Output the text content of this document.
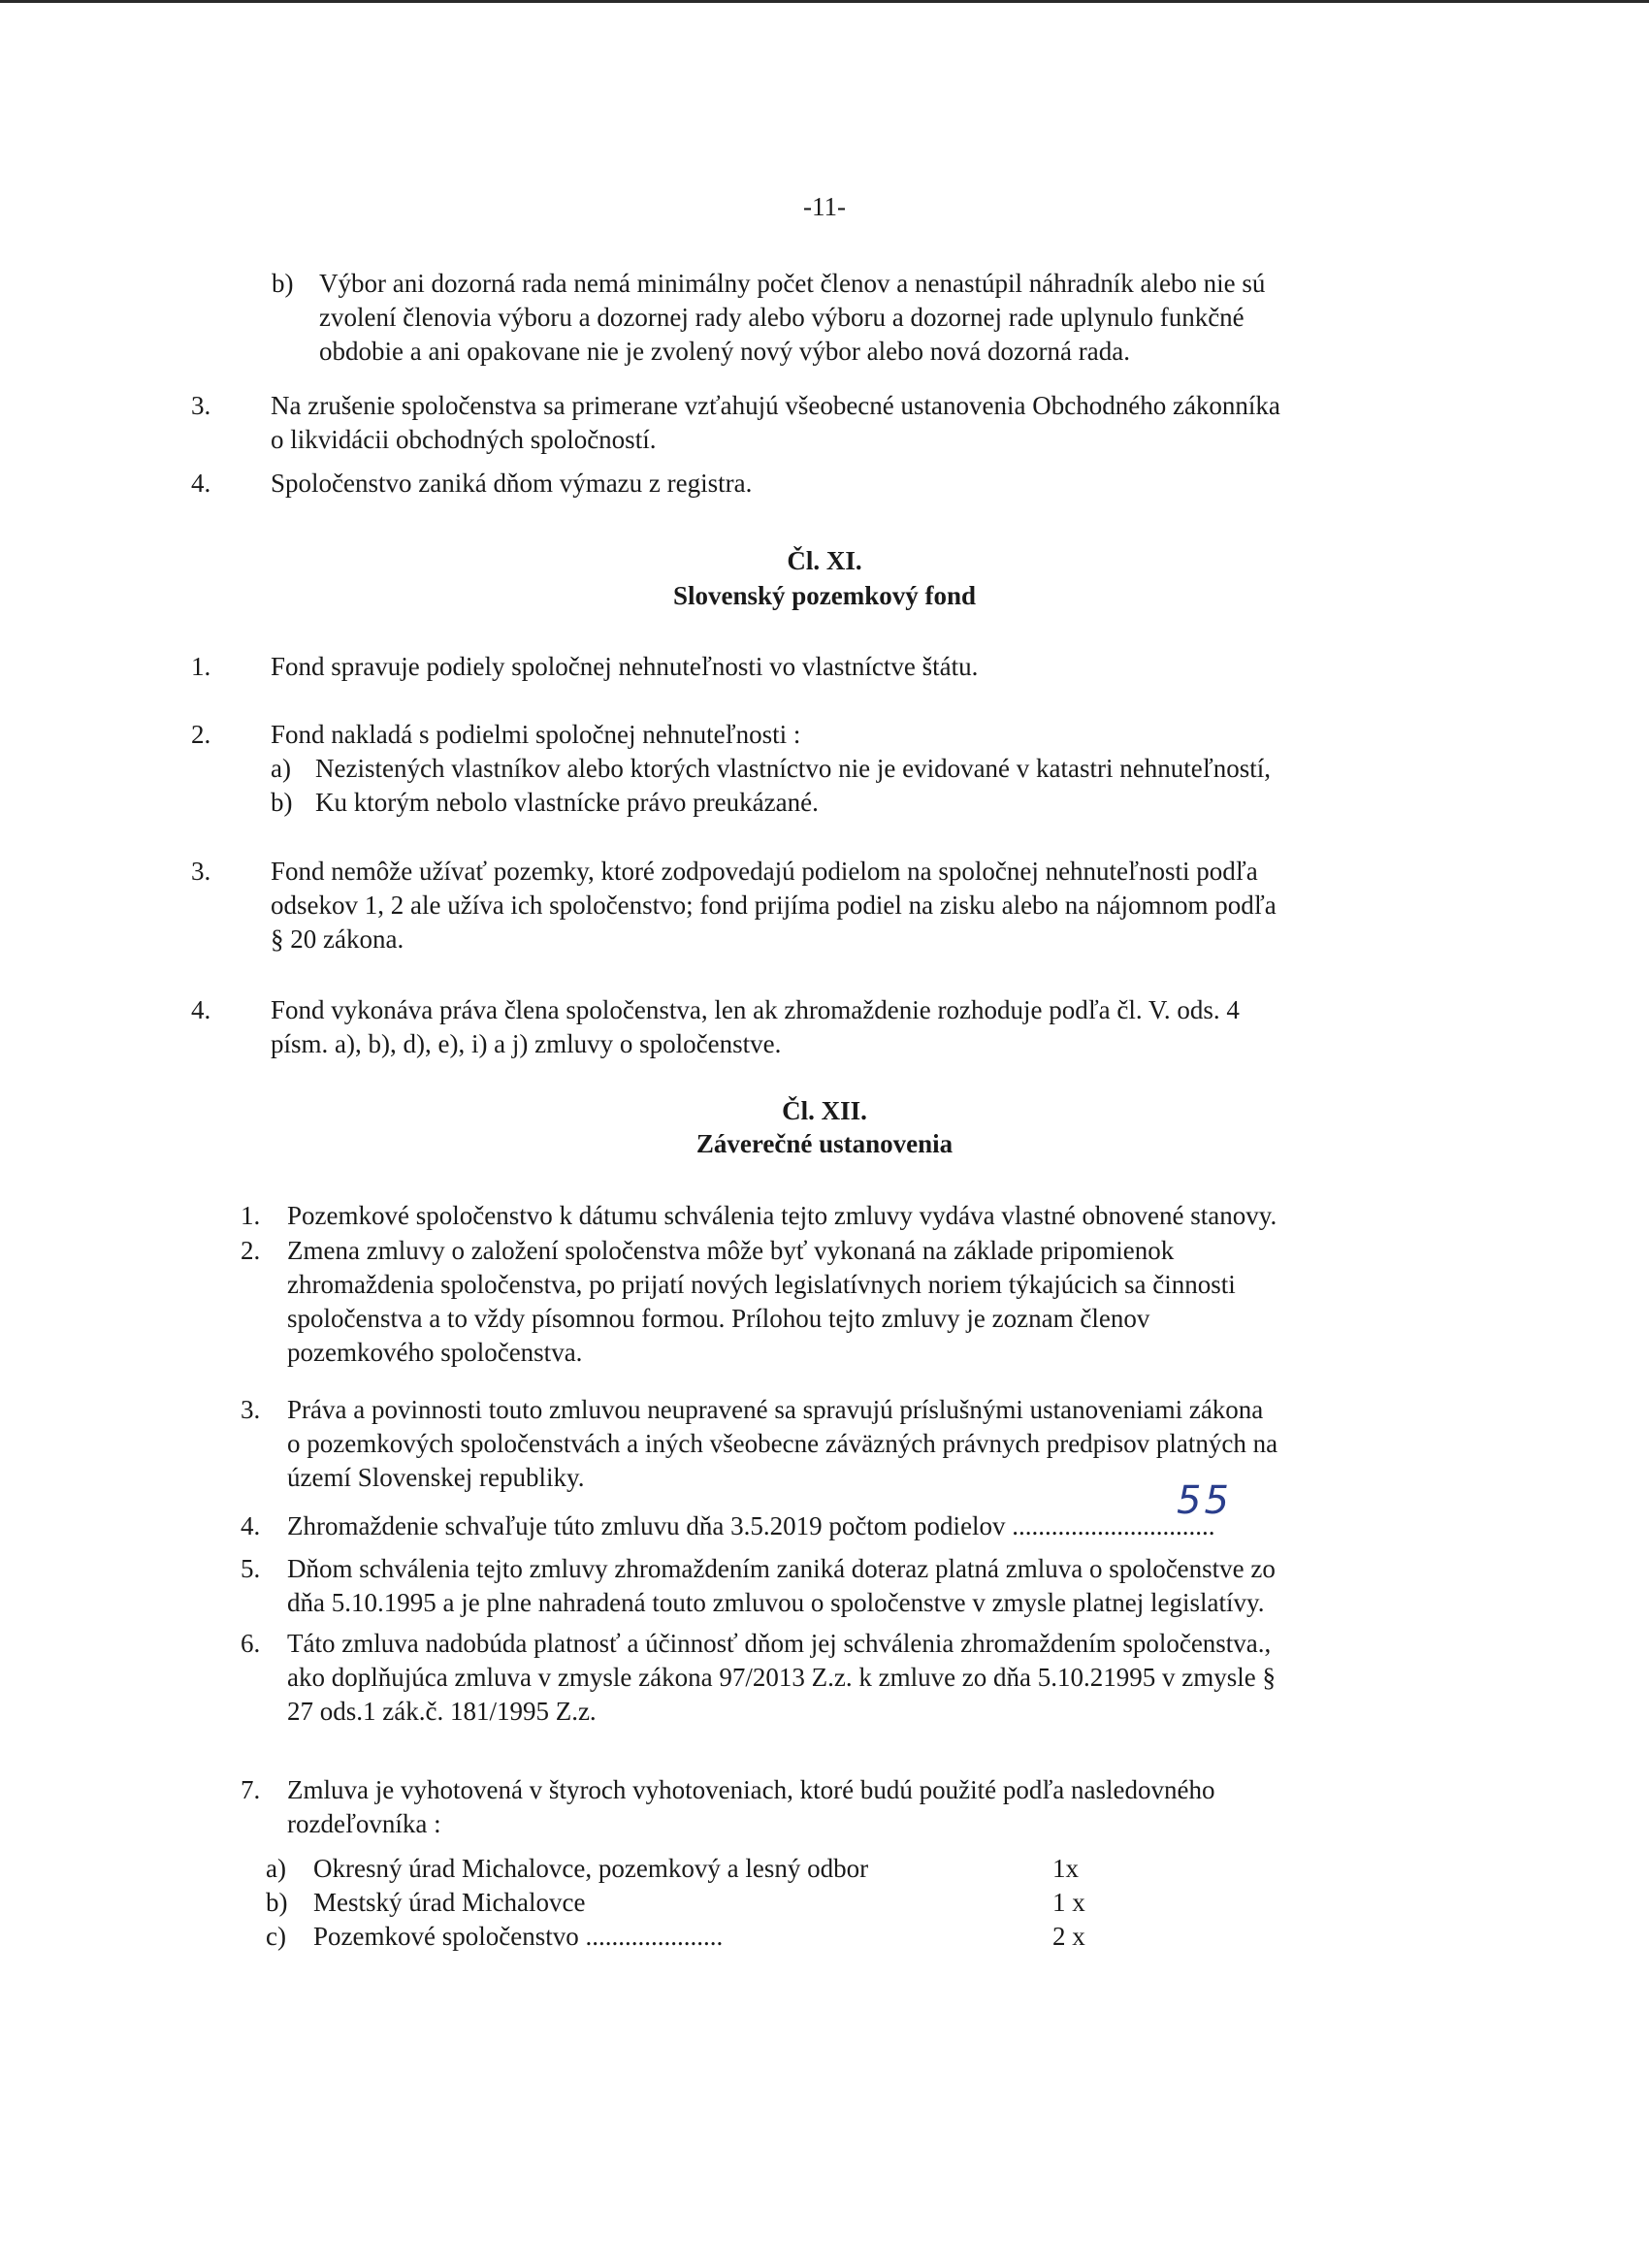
-11-
b) Výbor ani dozorná rada nemá minimálny počet členov a nenastúpil náhradník alebo nie sú
zvolení členovia výboru a dozornej rady alebo výboru a dozornej rade uplynulo funkčné
obdobie a ani opakovane nie je zvolený nový výbor alebo nová dozorná rada.
3. Na zrušenie spoločenstva sa primerane vzťahujú všeobecné ustanovenia Obchodného zákonníka
o likvidácii obchodných spoločností.
4. Spoločenstvo zaniká dňom výmazu z registra.
Čl. XI.
Slovenský pozemkový fond
1. Fond spravuje podiely spoločnej nehnuteľnosti vo vlastníctve štátu.
2. Fond nakladá s podielmi spoločnej nehnuteľnosti :
a) Nezistených vlastníkov alebo ktorých vlastníctvo nie je evidované v katastri nehnuteľností,
b) Ku ktorým nebolo vlastnícke právo preukázané.
3. Fond nemôže užívať pozemky, ktoré zodpovedajú podielom na spoločnej nehnuteľnosti podľa
odsekov 1, 2 ale užíva ich spoločenstvo; fond prijíma podiel na zisku alebo na nájomnom podľa
§ 20 zákona.
4. Fond vykonáva práva člena spoločenstva, len ak zhromaždenie rozhoduje podľa čl. V. ods. 4
písm. a), b), d), e), i) a j) zmluvy o spoločenstve.
Čl. XII.
Záverečné ustanovenia
1. Pozemkové spoločenstvo k dátumu schválenia tejto zmluvy vydáva vlastné obnovené stanovy.
2. Zmena zmluvy o založení spoločenstva môže byť vykonaná na základe pripomienok
zhromaždenia spoločenstva, po prijatí nových legislatívnych noriem týkajúcich sa činnosti
spoločenstva a to vždy písomnou formou. Prílohou tejto zmluvy je zoznam členov
pozemkového spoločenstva.
3. Práva a povinnosti touto zmluvou neupravené sa spravujú príslušnými ustanoveniami zákona
o pozemkových spoločenstvách a iných všeobecne záväzných právnych predpisov platných na
území Slovenskej republiky.
4. Zhromaždenie schvaľuje túto zmluvu dňa 3.5.2019 počtom podielov ...............................
55
5. Dňom schválenia tejto zmluvy zhromaždením zaniká doteraz platná zmluva o spoločenstve zo
dňa 5.10.1995 a je plne nahradená touto zmluvou o spoločenstve v zmysle platnej legislatívy.
6. Táto zmluva nadobúda platnosť a účinnosť dňom jej schválenia zhromaždením spoločenstva.,
ako doplňujúca zmluva v zmysle zákona 97/2013 Z.z. k zmluve zo dňa 5.10.21995 v zmysle §
27 ods.1 zák.č. 181/1995 Z.z.
7. Zmluva je vyhotovená v štyroch vyhotoveniach, ktoré budú použité podľa nasledovného
rozdeľovníka :
a) Okresný úrad Michalovce, pozemkový a lesný odbor	1x
b) Mestský úrad Michalovce	1 x
c) Pozemkové spoločenstvo .....................	2 x
